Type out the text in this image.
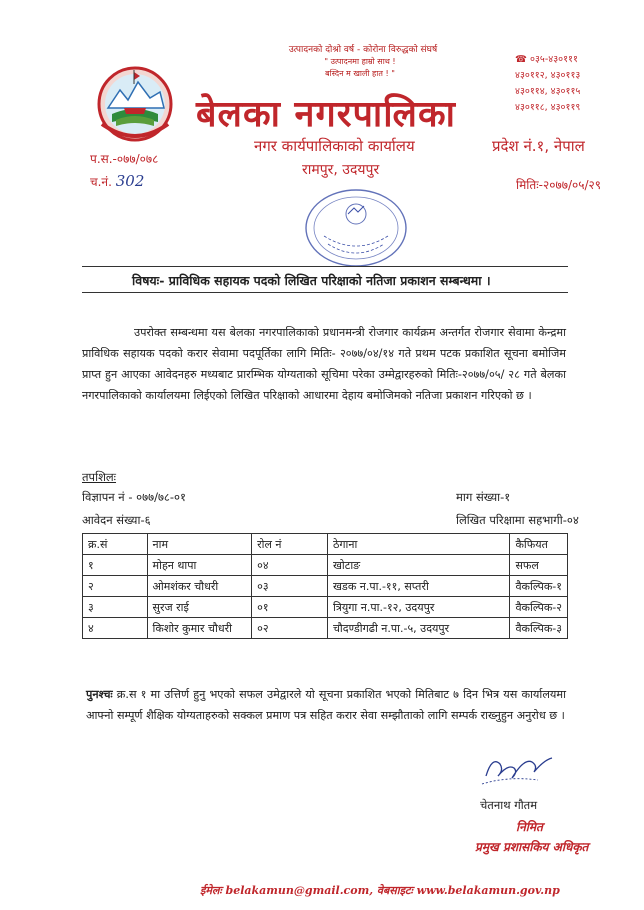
उत्पादनको दोश्रो वर्ष - कोरोना विरुद्धको संघर्ष
" उत्पादनमा हाम्रो साथ !
बस्दिन म खाली हात ! "
☎ ०३५-४३०१११
४३०११२, ४३०११३
४३०११४, ४३०११५
४३०११८, ४३०११९
बेलका नगरपालिका
नगर कार्यपालिकाको कार्यालय
रामपुर, उदयपुर
प्रदेश नं.१, नेपाल
प.स.-०७७/०७८
च.नं. 302	मितिः-२०७७/०५/२९
विषयः- प्राविधिक सहायक पदको लिखित परिक्षाको नतिजा प्रकाशन सम्बन्धमा ।
उपरोक्त सम्बन्धमा यस बेलका नगरपालिकाको प्रधानमन्त्री रोजगार कार्यक्रम अन्तर्गत रोजगार सेवामा केन्द्रमा प्राविधिक सहायक पदको करार सेवामा पदपूर्तिका लागि मितिः- २०७७/०४/१४ गते प्रथम पटक प्रकाशित सूचना बमोजिम प्राप्त हुन आएका आवेदनहरु मध्यबाट प्रारम्भिक योग्यताको सूचिमा परेका उम्मेद्वारहरुको मितिः-२०७७/०५/ २८ गते बेलका नगरपालिकाको कार्यालयमा लिईएको लिखित परिक्षाको आधारमा देहाय बमोजिमको नतिजा प्रकाशन गरिएको छ ।
तपशिलः
विज्ञापन नं - ०७७/७८-०१	माग संख्या-१
आवेदन संख्या-६	लिखित परिक्षामा सहभागी-०४
क्र.सं	नाम	रोल नं	ठेगाना	कैफियत
१	मोहन थापा	०४	खोटाङ	सफल
२	ओमशंकर चौधरी	०३	खडक न.पा.-११, सप्तरी	वैकल्पिक-१
३	सुरज राई	०१	त्रियुगा न.पा.-१२, उदयपुर	वैकल्पिक-२
४	किशोर कुमार चौधरी	०२	चौदण्डीगढी न.पा.-५, उदयपुर	वैकल्पिक-३
पुनश्चः क्र.स १ मा उत्तिर्ण हुनु भएको सफल उमेद्वारले यो सूचना प्रकाशित भएको मितिबाट ७ दिन भित्र यस कार्यालयमा आफ्नो सम्पूर्ण शैक्षिक योग्यताहरुको सक्कल प्रमाण पत्र सहित करार सेवा सम्झौताको लागि सम्पर्क राख्नुहुन अनुरोध छ ।
चेतनाथ गौतम
निमित
प्रमुख प्रशासकिय अधिकृत
ईमेलः belakamun@gmail.com, वेबसाइटः www.belakamun.gov.np
